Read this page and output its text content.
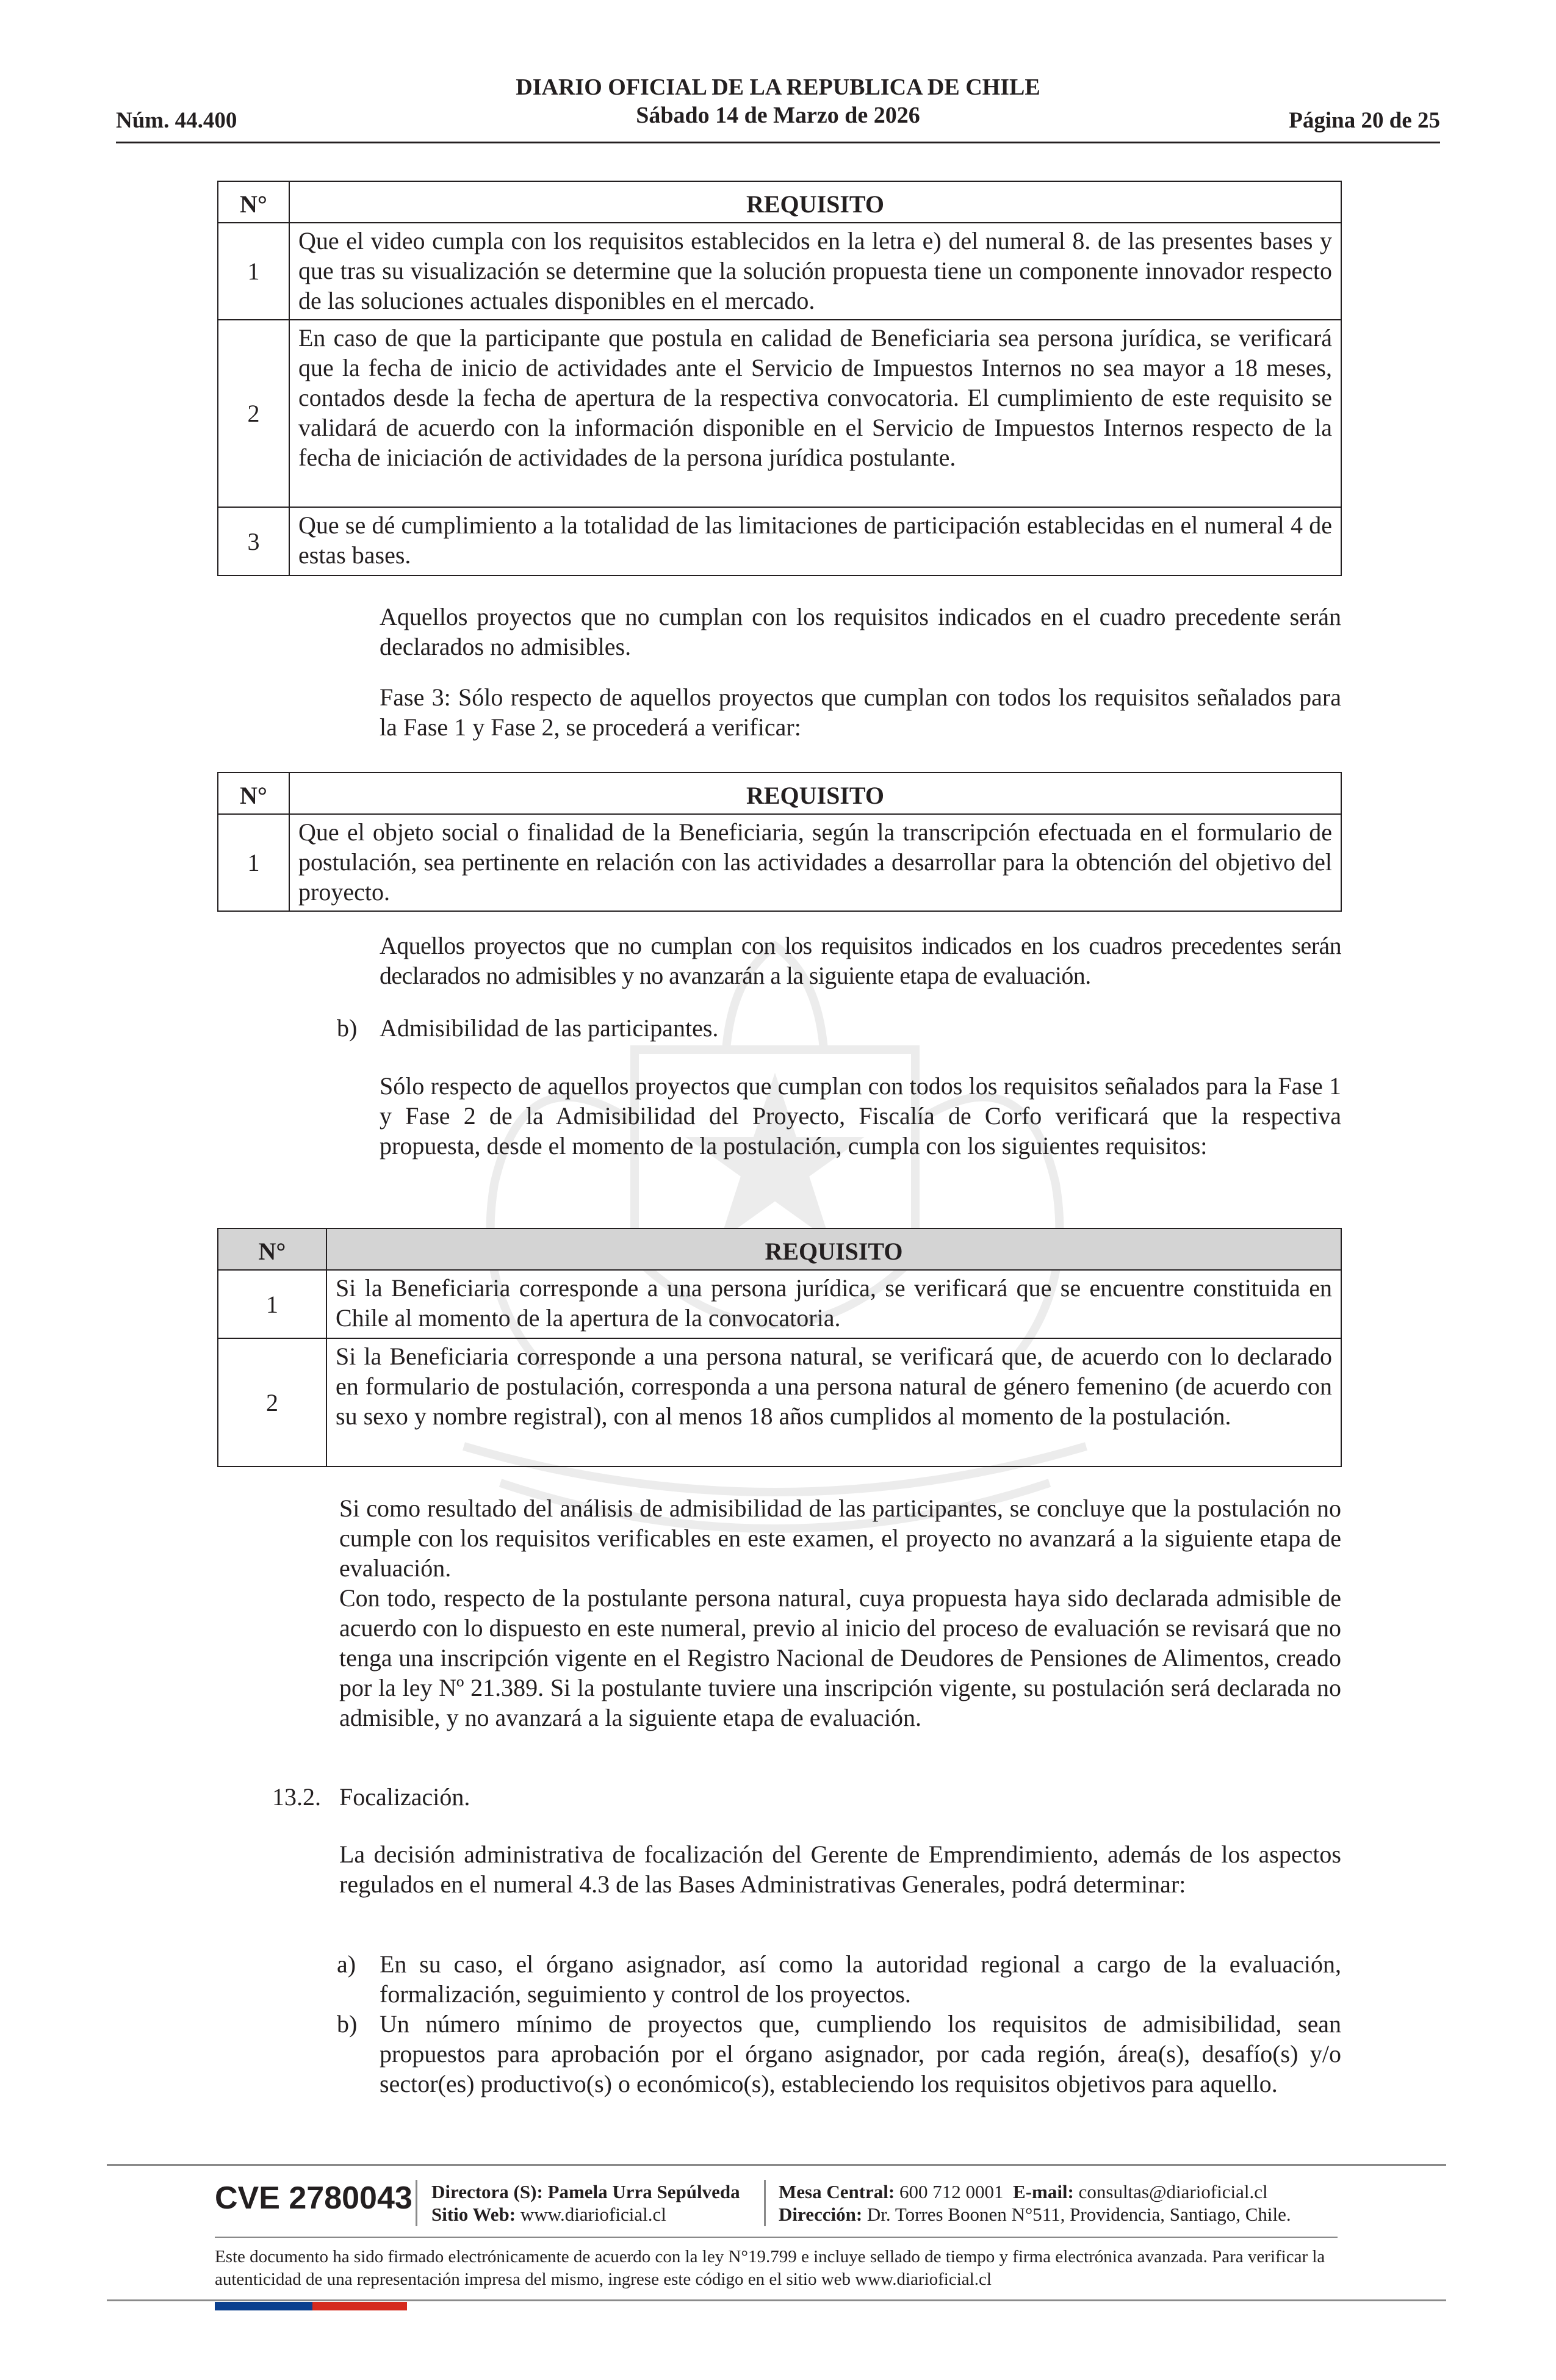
Núm. 44.400
DIARIO OFICIAL DE LA REPUBLICA DE CHILE
Sábado 14 de Marzo de 2026	Página 20 de 25
N°	REQUISITO
1	Que el video cumpla con los requisitos establecidos en la letra e) del numeral 8. de las presentes bases y que tras su visualización se determine que la solución propuesta tiene un componente innovador respecto de las soluciones actuales disponibles en el mercado.
2	En caso de que la participante que postula en calidad de Beneficiaria sea persona jurídica, se verificará que la fecha de inicio de actividades ante el Servicio de Impuestos Internos no sea mayor a 18 meses, contados desde la fecha de apertura de la respectiva convocatoria. El cumplimiento de este requisito se validará de acuerdo con la información disponible en el Servicio de Impuestos Internos respecto de la fecha de iniciación de actividades de la persona jurídica postulante.
3	Que se dé cumplimiento a la totalidad de las limitaciones de participación establecidas en el numeral 4 de estas bases.
Aquellos proyectos que no cumplan con los requisitos indicados en el cuadro precedente serán declarados no admisibles.
Fase 3: Sólo respecto de aquellos proyectos que cumplan con todos los requisitos señalados para la Fase 1 y Fase 2, se procederá a verificar:
N°	REQUISITO
1	Que el objeto social o finalidad de la Beneficiaria, según la transcripción efectuada en el formulario de postulación, sea pertinente en relación con las actividades a desarrollar para la obtención del objetivo del proyecto.
Aquellos proyectos que no cumplan con los requisitos indicados en los cuadros precedentes serán declarados no admisibles y no avanzarán a la siguiente etapa de evaluación.
b) Admisibilidad de las participantes.
Sólo respecto de aquellos proyectos que cumplan con todos los requisitos señalados para la Fase 1 y Fase 2 de la Admisibilidad del Proyecto, Fiscalía de Corfo verificará que la respectiva propuesta, desde el momento de la postulación, cumpla con los siguientes requisitos:
N°	REQUISITO
1	Si la Beneficiaria corresponde a una persona jurídica, se verificará que se encuentre constituida en Chile al momento de la apertura de la convocatoria.
2	Si la Beneficiaria corresponde a una persona natural, se verificará que, de acuerdo con lo declarado en formulario de postulación, corresponda a una persona natural de género femenino (de acuerdo con su sexo y nombre registral), con al menos 18 años cumplidos al momento de la postulación.
Si como resultado del análisis de admisibilidad de las participantes, se concluye que la postulación no cumple con los requisitos verificables en este examen, el proyecto no avanzará a la siguiente etapa de evaluación.
Con todo, respecto de la postulante persona natural, cuya propuesta haya sido declarada admisible de acuerdo con lo dispuesto en este numeral, previo al inicio del proceso de evaluación se revisará que no tenga una inscripción vigente en el Registro Nacional de Deudores de Pensiones de Alimentos, creado por la ley Nº 21.389. Si la postulante tuviere una inscripción vigente, su postulación será declarada no admisible, y no avanzará a la siguiente etapa de evaluación.
13.2. Focalización.
La decisión administrativa de focalización del Gerente de Emprendimiento, además de los aspectos regulados en el numeral 4.3 de las Bases Administrativas Generales, podrá determinar:
a) En su caso, el órgano asignador, así como la autoridad regional a cargo de la evaluación, formalización, seguimiento y control de los proyectos.
b) Un número mínimo de proyectos que, cumpliendo los requisitos de admisibilidad, sean propuestos para aprobación por el órgano asignador, por cada región, área(s), desafío(s) y/o sector(es) productivo(s) o económico(s), estableciendo los requisitos objetivos para aquello.
CVE 2780043 Directora (S): Pamela Urra Sepúlveda
Sitio Web: www.diarioficial.cl
Mesa Central: 600 712 0001 E-mail: consultas@diarioficial.cl
Dirección: Dr. Torres Boonen N°511, Providencia, Santiago, Chile.
Este documento ha sido firmado electrónicamente de acuerdo con la ley N°19.799 e incluye sellado de tiempo y firma electrónica avanzada. Para verificar la autenticidad de una representación impresa del mismo, ingrese este código en el sitio web www.diarioficial.cl
